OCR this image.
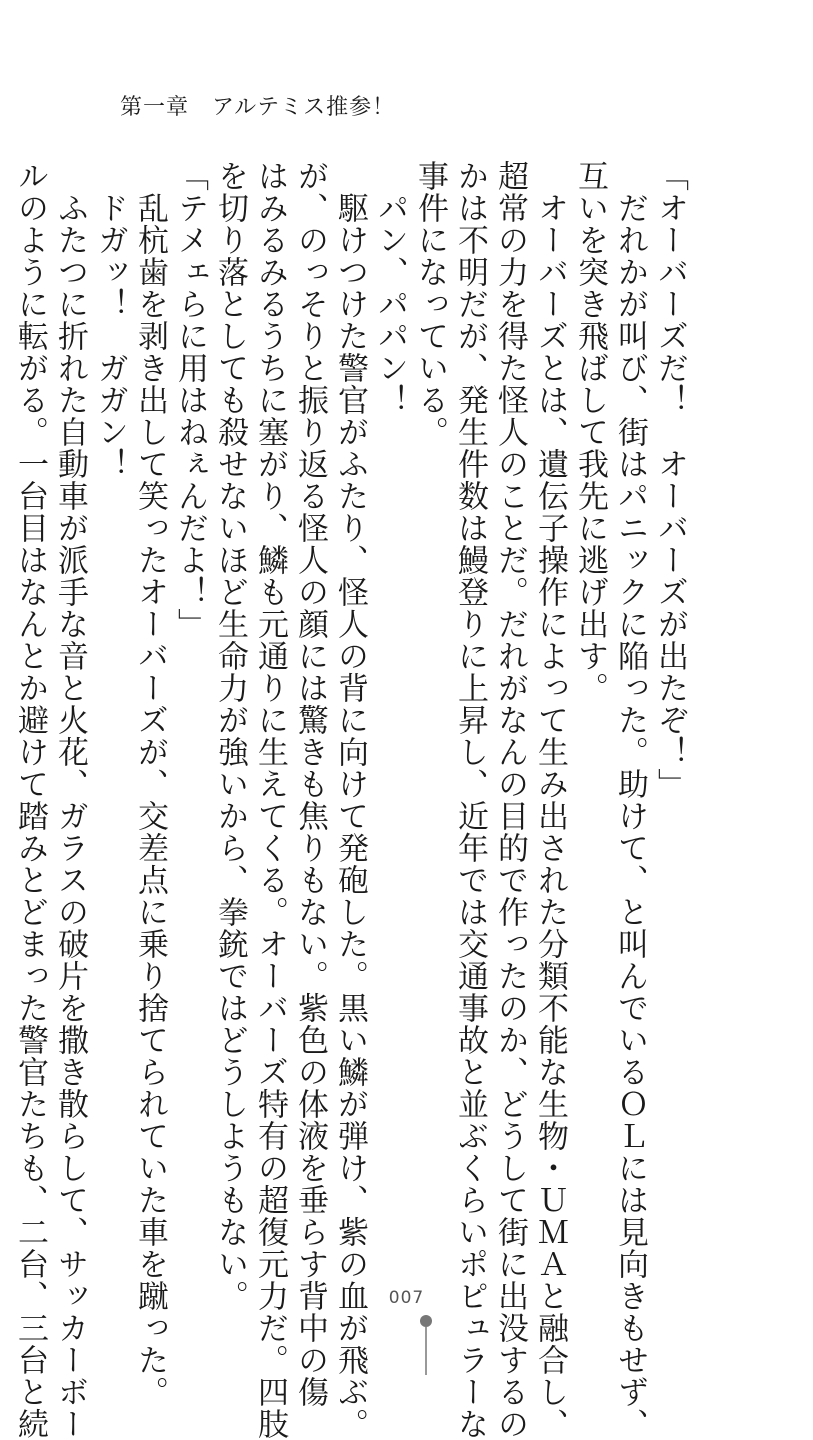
第一章　アルテミス推参！

「オーバーズだ！　オーバーズが出たぞ！」

　だれかが叫び、街はパニックに陥った。助けて、と叫んでいるＯＬには見向きもせず、

互いを突き飛ばして我先に逃げ出す。

　オーバーズとは、遺伝子操作によって生み出された分類不能な生物・ＵＭＡと融合し、

超常の力を得た怪人のことだ。だれがなんの目的で作ったのか、どうして街に出没するの

かは不明だが、発生件数は鰻登りに上昇し、近年では交通事故と並ぶくらいポピュラーな

事件になっている。

　パン、パパン！

　駆けつけた警官がふたり、怪人の背に向けて発砲した。黒い鱗が弾け、紫の血が飛ぶ。

が、のっそりと振り返る怪人の顔には驚きも焦りもない。紫色の体液を垂らす背中の傷

はみるみるうちに塞がり、鱗も元通りに生えてくる。オーバーズ特有の超復元力だ。四肢

を切り落としても殺せないほど生命力が強いから、拳銃ではどうしようもない。

「テメェらに用はねぇんだよ！」

　乱杭歯を剥き出して笑ったオーバーズが、交差点に乗り捨てられていた車を蹴った。

　ドガッ！　ガガン！

　ふたつに折れた自動車が派手な音と火花、ガラスの破片を撒き散らして、サッカーボー

ルのように転がる。一台目はなんとか避けて踏みとどまった警官たちも、二台、三台と続	007
